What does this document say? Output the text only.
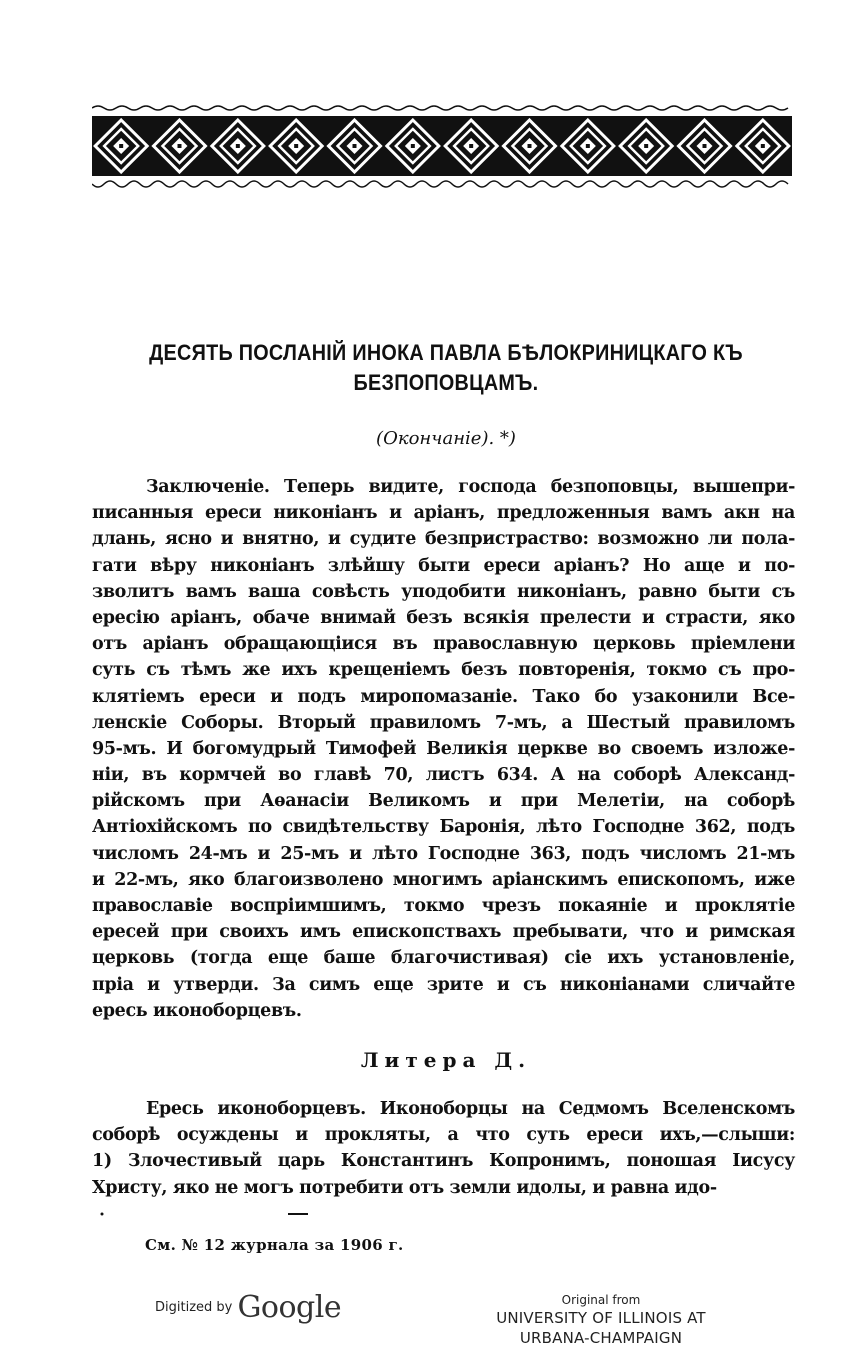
ДЕСЯТЬ ПОСЛАНІЙ ИНОКА ПАВЛА БѢЛОКРИНИЦКАГО КЪ
БЕЗПОПОВЦАМЪ.
(Окончаніе). *)
Заключеніе. Теперь видите, господа безпоповцы, вышепри-
писанныя ереси никоніанъ и аріанъ, предложенныя вамъ акн на
длань, ясно и внятно, и судите безпристраство: возможно ли пола-
гати вѣру никоніанъ злѣйшу быти ереси аріанъ? Но аще и по-
зволитъ вамъ ваша совѣсть уподобити никоніанъ, равно быти съ
ересію аріанъ, обаче внимай безъ всякія прелести и страсти, яко
отъ аріанъ обращающіися въ православную церковь пріемлени
суть съ тѣмъ же ихъ крещеніемъ безъ повторенія, токмо съ про-
клятіемъ ереси и подъ миропомазаніе. Тако бо узаконили Все-
ленскіе Соборы. Вторый правиломъ 7-мъ, а Шестый правиломъ
95-мъ. И богомудрый Тимофей Великія церкве во своемъ изложе-
ніи, въ кормчей во главѣ 70, листъ 634. А на соборѣ Александ-
рійскомъ при Аѳанасіи Великомъ и при Мелетіи, на соборѣ
Антіохійскомъ по свидѣтельству Баронія, лѣто Господне 362, подъ
числомъ 24-мъ и 25-мъ и лѣто Господне 363, подъ числомъ 21-мъ
и 22-мъ, яко благоизволено многимъ аріанскимъ епископомъ, иже
православіе воспріимшимъ, токмо чрезъ покаяніе и проклятіе
ересей при своихъ имъ епископствахъ пребывати, что и римская
церковь (тогда еще баше благочистивая) сіе ихъ установленіе,
пріа и утверди. За симъ еще зрите и съ никоніанами сличайте
ересь иконоборцевъ.
Литера Д.
Ересь иконоборцевъ. Иконоборцы на Седмомъ Вселенскомъ
соборѣ осуждены и прокляты, а что суть ереси ихъ,—слыши:
1) Злочестивый царь Константинъ Копронимъ, поношая Іисусу
Христу, яко не могъ потребити отъ земли идолы, и равна идо-
См. № 12 журнала за 1906 г.
Digitized by Google	Original from
UNIVERSITY OF ILLINOIS AT
URBANA-CHAMPAIGN
